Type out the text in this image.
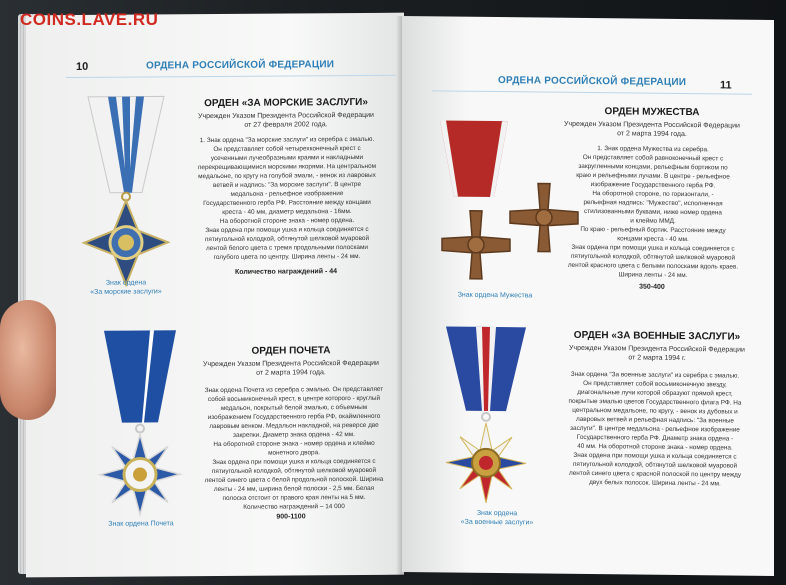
10	ОРДЕНА РОССИЙСКОЙ ФЕДЕРАЦИИ
Знак ордена
«За морские заслуги»
ОРДЕН «ЗА МОРСКИЕ ЗАСЛУГИ»
Учрежден Указом Президента Российской Федерации
от 27 февраля 2002 года.
1. Знак ордена "За морские заслуги" из серебра с эмалью.
Он представляет собой четырехконечный крест с
усеченными лучеобразными краями и накладными
перекрещивающимися морскими якорями. На центральном
медальоне, по кругу на голубой эмали, - венок из лавровых
ветвей и надпись: "За морские заслуги". В центре
медальона - рельефное изображение
Государственного герба РФ. Расстояние между концами
креста - 40 мм, диаметр медальона - 16мм.
На оборотной стороне знака - номер ордена.
Знак ордена при помощи ушка и кольца соединяется с
пятиугольной колодкой, обтянутой шелковой муаровой
лентой белого цвета с тремя продольными полосками
голубого цвета по центру. Ширина ленты - 24 мм.
Количество награждений - 44
Знак ордена Почета
ОРДЕН ПОЧЕТА
Учрежден Указом Президента Российской Федерации
от 2 марта 1994 года.
Знак ордена Почета из серебра с эмалью. Он представляет
собой восьмиконечный крест, в центре которого - круглый
медальон, покрытый белой эмалью, с объемным
изображением Государственного герба РФ, окаймленного
лавровым венком. Медальон накладной, на реверсе две
закрепки. Диаметр знака ордена - 42 мм.
На оборотной стороне знака - номер ордена и клеймо
монетного двора.
Знак ордена при помощи ушка и кольца соединяется с
пятиугольной колодкой, обтянутой шелковой муаровой
лентой синего цвета с белой продольной полоской. Ширина
ленты - 24 мм, ширина белой полоски - 2,5 мм. Белая
полоска отстоит от правого края ленты на 5 мм.
Количество награждений – 14 000
900-1100
ОРДЕНА РОССИЙСКОЙ ФЕДЕРАЦИИ	11
Знак ордена Мужества
ОРДЕН МУЖЕСТВА
Учрежден Указом Президента Российской Федерации
от 2 марта 1994 года.
1. Знак ордена Мужества из серебра.
Он представляет собой равноконечный крест с
закругленными концами, рельефным бортиком по
краю и рельефными лучами. В центре - рельефное
изображение Государственного герба РФ.
На оборотной стороне, по горизонтали, -
рельефная надпись: "Мужество", исполненная
стилизованными буквами, ниже номер ордена
и клеймо ММД.
По краю - рельефный бортик. Расстояние между
концами креста - 40 мм.
Знак ордена при помощи ушка и кольца соединяется с
пятиугольной колодкой, обтянутой шелковой муаровой
лентой красного цвета с белыми полосками вдоль краев.
Ширина ленты - 24 мм.
350-400
Знак ордена
«За военные заслуги»
ОРДЕН «ЗА ВОЕННЫЕ ЗАСЛУГИ»
Учрежден Указом Президента Российской Федерации
от 2 марта 1994 г.
Знак ордена "За военные заслуги" из серебра с эмалью.
Он представляет собой восьмиконечную звезду,
диагональные лучи которой образуют прямой крест,
покрытые эмалью цветов Государственного флага РФ. На
центральном медальоне, по кругу, - венок из дубовых и
лавровых ветвей и рельефная надпись: "За военные
заслуги". В центре медальона - рельефное изображение
Государственного герба РФ. Диаметр знака ордена -
40 мм. На оборотной стороне знака - номер ордена.
Знак ордена при помощи ушка и кольца соединяется с
пятиугольной колодкой, обтянутой шелковой муаровой
лентой синего цвета с красной полоской по центру между
двух белых полосок. Ширина ленты - 24 мм.
COINS.LAVE.RU
